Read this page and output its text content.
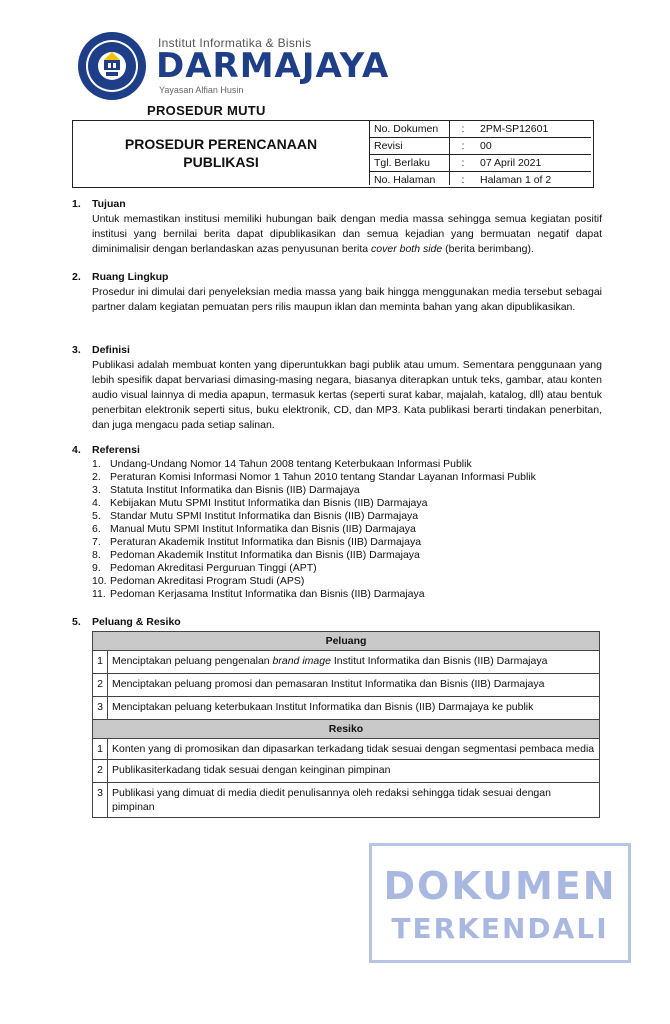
Institut Informatika & Bisnis
DARMAJAYA
Yayasan Alfian Husin
PROSEDUR MUTU
PROSEDUR PERENCANAAN
PUBLIKASI
No. Dokumen	:	2PM-SP12601
Revisi	:	00
Tgl. Berlaku	:	07 April 2021
No. Halaman	:	Halaman 1 of 2
1. Tujuan
Untuk memastikan institusi memiliki hubungan baik dengan media massa sehingga semua kegiatan positif institusi yang bernilai berita dapat dipublikasikan dan semua kejadian yang bermuatan negatif dapat diminimalisir dengan berlandaskan azas penyusunan berita cover both side (berita berimbang).
2. Ruang Lingkup
Prosedur ini dimulai dari penyeleksian media massa yang baik hingga menggunakan media tersebut sebagai partner dalam kegiatan pemuatan pers rilis maupun iklan dan meminta bahan yang akan dipublikasikan.
3. Definisi
Publikasi adalah membuat konten yang diperuntukkan bagi publik atau umum. Sementara penggunaan yang lebih spesifik dapat bervariasi dimasing-masing negara, biasanya diterapkan untuk teks, gambar, atau konten audio visual lainnya di media apapun, termasuk kertas (seperti surat kabar, majalah, katalog, dll) atau bentuk penerbitan elektronik seperti situs, buku elektronik, CD, dan MP3. Kata publikasi berarti tindakan penerbitan, dan juga mengacu pada setiap salinan.
4. Referensi
1. Undang-Undang Nomor 14 Tahun 2008 tentang Keterbukaan Informasi Publik
2. Peraturan Komisi Informasi Nomor 1 Tahun 2010 tentang Standar Layanan Informasi Publik
3. Statuta Institut Informatika dan Bisnis (IIB) Darmajaya
4. Kebijakan Mutu SPMI Institut Informatika dan Bisnis (IIB) Darmajaya
5. Standar Mutu SPMI Institut Informatika dan Bisnis (IIB) Darmajaya
6. Manual Mutu SPMI Institut Informatika dan Bisnis (IIB) Darmajaya
7. Peraturan Akademik Institut Informatika dan Bisnis (IIB) Darmajaya
8. Pedoman Akademik Institut Informatika dan Bisnis (IIB) Darmajaya
9. Pedoman Akreditasi Perguruan Tinggi (APT)
10. Pedoman Akreditasi Program Studi (APS)
11. Pedoman Kerjasama Institut Informatika dan Bisnis (IIB) Darmajaya
5. Peluang & Resiko
Peluang	
1	Menciptakan peluang pengenalan brand image Institut Informatika dan Bisnis (IIB) Darmajaya
2	Menciptakan peluang promosi dan pemasaran Institut Informatika dan Bisnis (IIB) Darmajaya
3	Menciptakan peluang keterbukaan Institut Informatika dan Bisnis (IIB) Darmajaya ke publik
Resiko	
1	Konten yang di promosikan dan dipasarkan terkadang tidak sesuai dengan segmentasi pembaca media
2	Publikasiterkadang tidak sesuai dengan keinginan pimpinan
3	Publikasi yang dimuat di media diedit penulisannya oleh redaksi sehingga tidak sesuai dengan pimpinan
DOKUMEN
TERKENDALI
